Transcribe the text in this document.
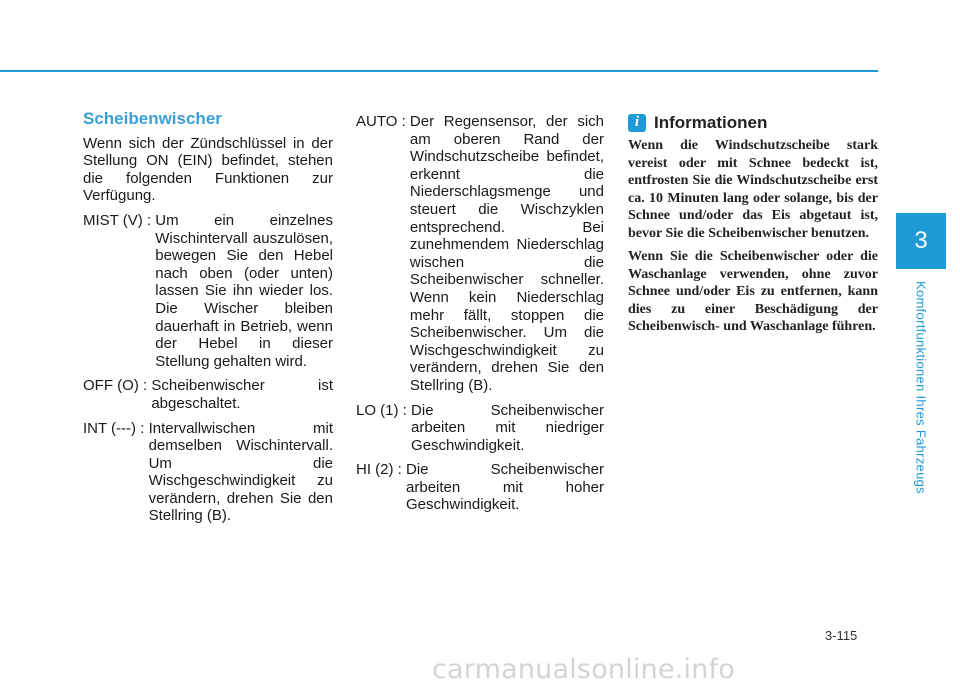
3
Komfortfunktionen Ihres Fahrzeugs
Scheibenwischer
Wenn sich der Zündschlüssel in der Stellung ON (EIN) befindet, stehen die folgenden Funktionen zur Verfügung.
MIST (V) : Um ein einzelnes Wischintervall auszulösen, bewegen Sie den Hebel nach oben (oder unten) lassen Sie ihn wieder los. Die Wischer bleiben dauerhaft in Betrieb, wenn der Hebel in dieser Stellung gehalten wird.
OFF (O) : Scheibenwischer ist abgeschaltet.
INT (---) : Intervallwischen mit demselben Wischintervall. Um die Wischgeschwindigkeit zu verändern, drehen Sie den Stellring (B).
AUTO : Der Regensensor, der sich am oberen Rand der Windschutzscheibe befindet, erkennt die Niederschlagsmenge und steuert die Wischzyklen entsprechend. Bei zunehmendem Niederschlag wischen die Scheibenwischer schneller. Wenn kein Niederschlag mehr fällt, stoppen die Scheibenwischer. Um die Wischgeschwindigkeit zu verändern, drehen Sie den Stellring (B).
LO (1) : Die Scheibenwischer arbeiten mit niedriger Geschwindigkeit.
HI (2) : Die Scheibenwischer arbeiten mit hoher Geschwindigkeit.
i Informationen
Wenn die Windschutzscheibe stark vereist oder mit Schnee bedeckt ist, entfrosten Sie die Windschutzscheibe erst ca. 10 Minuten lang oder solange, bis der Schnee und/oder das Eis abgetaut ist, bevor Sie die Scheibenwischer benutzen.
Wenn Sie die Scheibenwischer oder die Waschanlage verwenden, ohne zuvor Schnee und/oder Eis zu entfernen, kann dies zu einer Beschädigung der Scheibenwisch- und Waschanlage führen.
3-115
carmanualsonline.info
